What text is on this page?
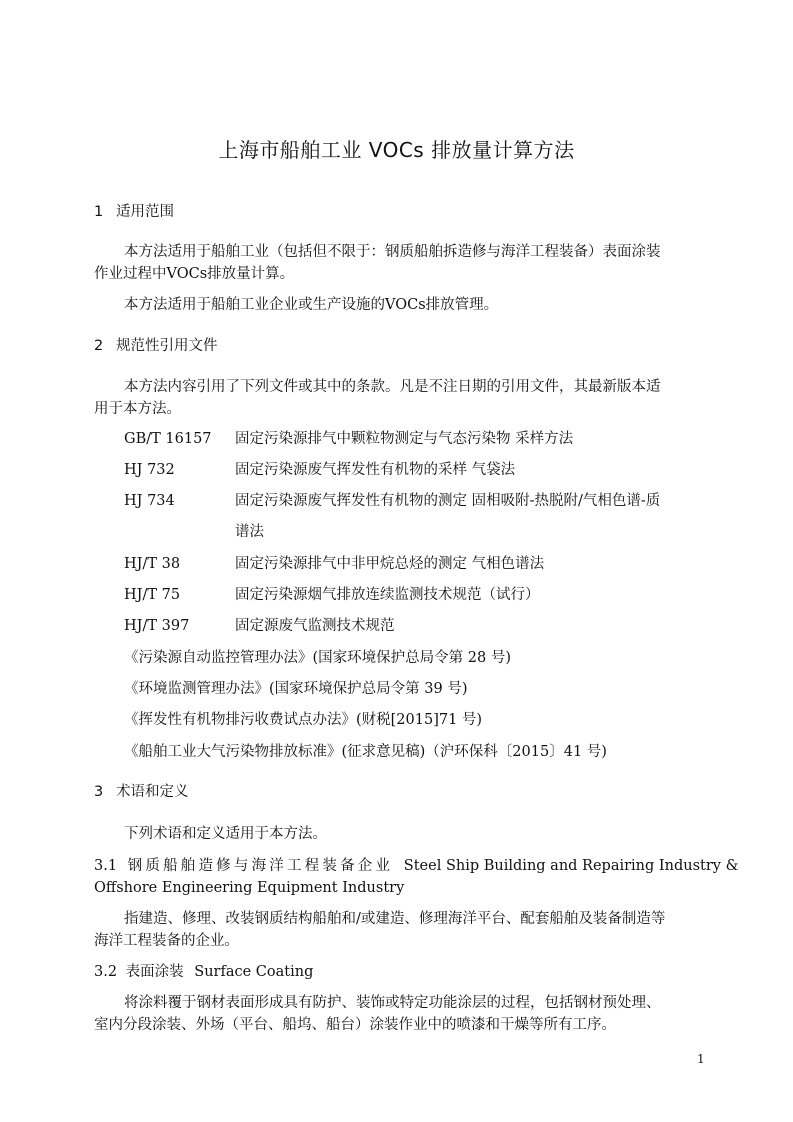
上海市船舶工业 VOCs 排放量计算方法
1 适用范围
本方法适用于船舶工业（包括但不限于：钢质船舶拆造修与海洋工程装备）表面涂装
作业过程中VOCs排放量计算。
本方法适用于船舶工业企业或生产设施的VOCs排放管理。
2 规范性引用文件
本方法内容引用了下列文件或其中的条款。凡是不注日期的引用文件，其最新版本适
用于本方法。
GB/T 16157 固定污染源排气中颗粒物测定与气态污染物 采样方法
HJ 732	固定污染源废气挥发性有机物的采样 气袋法
HJ 734	固定污染源废气挥发性有机物的测定 固相吸附-热脱附/气相色谱-质
谱法
HJ/T 38	固定污染源排气中非甲烷总烃的测定 气相色谱法
HJ/T 75	固定污染源烟气排放连续监测技术规范（试行）
HJ/T 397	固定源废气监测技术规范
《污染源自动监控管理办法》(国家环境保护总局令第 28 号)
《环境监测管理办法》(国家环境保护总局令第 39 号)
《挥发性有机物排污收费试点办法》(财税[2015]71 号)
《船舶工业大气污染物排放标准》(征求意见稿)（沪环保科〔2015〕41 号)
3 术语和定义
下列术语和定义适用于本方法。
3.1 钢质船舶造修与海洋工程装备企业 Steel Ship Building and Repairing Industry &
Offshore Engineering Equipment Industry
指建造、修理、改装钢质结构船舶和/或建造、修理海洋平台、配套船舶及装备制造等
海洋工程装备的企业。
3.2 表面涂装 Surface Coating
将涂料覆于钢材表面形成具有防护、装饰或特定功能涂层的过程，包括钢材预处理、
室内分段涂装、外场（平台、船坞、船台）涂装作业中的喷漆和干燥等所有工序。
1
